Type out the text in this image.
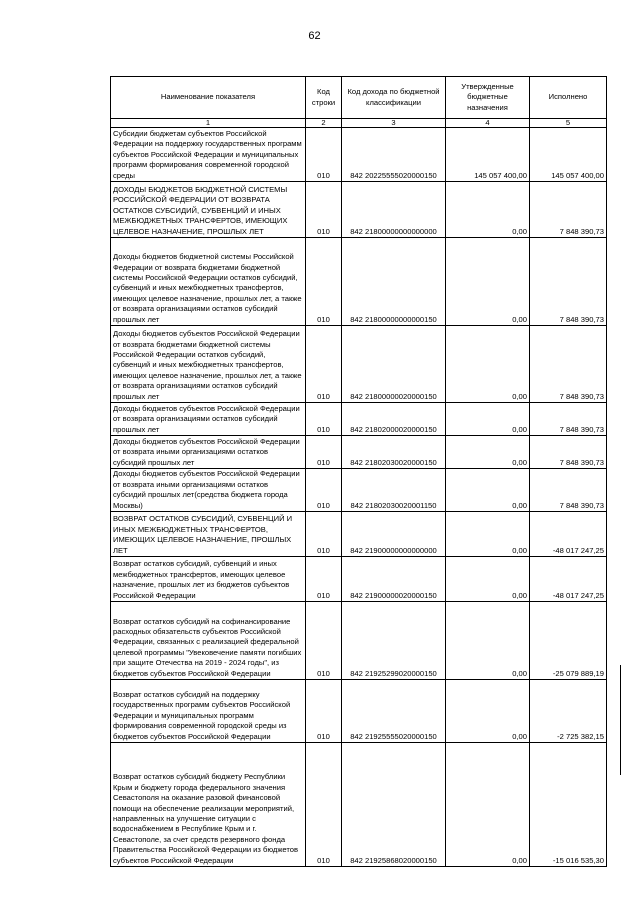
62
Наименование показателя	Код строки	Код дохода по бюджетной классификации	Утвержденные бюджетные назначения	Исполнено
1	2	3	4	5
Субсидии бюджетам субъектов Российской Федерации на поддержку государственных программ субъектов Российской Федерации и муниципальных программ формирования современной городской среды	010	842 20225555020000150	145 057 400,00	145 057 400,00
ДОХОДЫ БЮДЖЕТОВ БЮДЖЕТНОЙ СИСТЕМЫ РОССИЙСКОЙ ФЕДЕРАЦИИ ОТ ВОЗВРАТА ОСТАТКОВ СУБСИДИЙ, СУБВЕНЦИЙ И ИНЫХ МЕЖБЮДЖЕТНЫХ ТРАНСФЕРТОВ, ИМЕЮЩИХ ЦЕЛЕВОЕ НАЗНАЧЕНИЕ, ПРОШЛЫХ ЛЕТ	010	842 21800000000000000	0,00	7 848 390,73
Доходы бюджетов бюджетной системы Российской Федерации от возврата бюджетами бюджетной системы Российской Федерации остатков субсидий, субвенций и иных межбюджетных трансфертов, имеющих целевое назначение, прошлых лет, а также от возврата организациями остатков субсидий прошлых лет	010	842 21800000000000150	0,00	7 848 390,73
Доходы бюджетов субъектов Российской Федерации от возврата бюджетами бюджетной системы Российской Федерации остатков субсидий, субвенций и иных межбюджетных трансфертов, имеющих целевое назначение, прошлых лет, а также от возврата организациями остатков субсидий прошлых лет	010	842 21800000020000150	0,00	7 848 390,73
Доходы бюджетов субъектов Российской Федерации от возврата организациями остатков субсидий прошлых лет	010	842 21802000020000150	0,00	7 848 390,73
Доходы бюджетов субъектов Российской Федерации от возврата иными организациями остатков субсидий прошлых лет	010	842 21802030020000150	0,00	7 848 390,73
Доходы бюджетов субъектов Российской Федерации от возврата иными организациями остатков субсидий прошлых лет(средства бюджета города Москвы)	010	842 21802030020001150	0,00	7 848 390,73
ВОЗВРАТ ОСТАТКОВ СУБСИДИЙ, СУБВЕНЦИЙ И ИНЫХ МЕЖБЮДЖЕТНЫХ ТРАНСФЕРТОВ, ИМЕЮЩИХ ЦЕЛЕВОЕ НАЗНАЧЕНИЕ, ПРОШЛЫХ ЛЕТ	010	842 21900000000000000	0,00	-48 017 247,25
Возврат остатков субсидий, субвенций и иных межбюджетных трансфертов, имеющих целевое назначение, прошлых лет из бюджетов субъектов Российской Федерации	010	842 21900000020000150	0,00	-48 017 247,25
Возврат остатков субсидий на софинансирование расходных обязательств субъектов Российской Федерации, связанных с реализацией федеральной целевой программы "Увековечение памяти погибших при защите Отечества на 2019 - 2024 годы", из бюджетов субъектов Российской Федерации	010	842 21925299020000150	0,00	-25 079 889,19
Возврат остатков субсидий на поддержку государственных программ субъектов Российской Федерации и муниципальных программ формирования современной городской среды из бюджетов субъектов Российской Федерации	010	842 21925555020000150	0,00	-2 725 382,15
Возврат остатков субсидий бюджету Республики Крым и бюджету города федерального значения Севастополя на оказание разовой финансовой помощи на обеспечение реализации мероприятий, направленных на улучшение ситуации с водоснабжением в Республике Крым и г. Севастополе, за счет средств резервного фонда Правительства Российской Федерации из бюджетов субъектов Российской Федерации	010	842 21925868020000150	0,00	-15 016 535,30
